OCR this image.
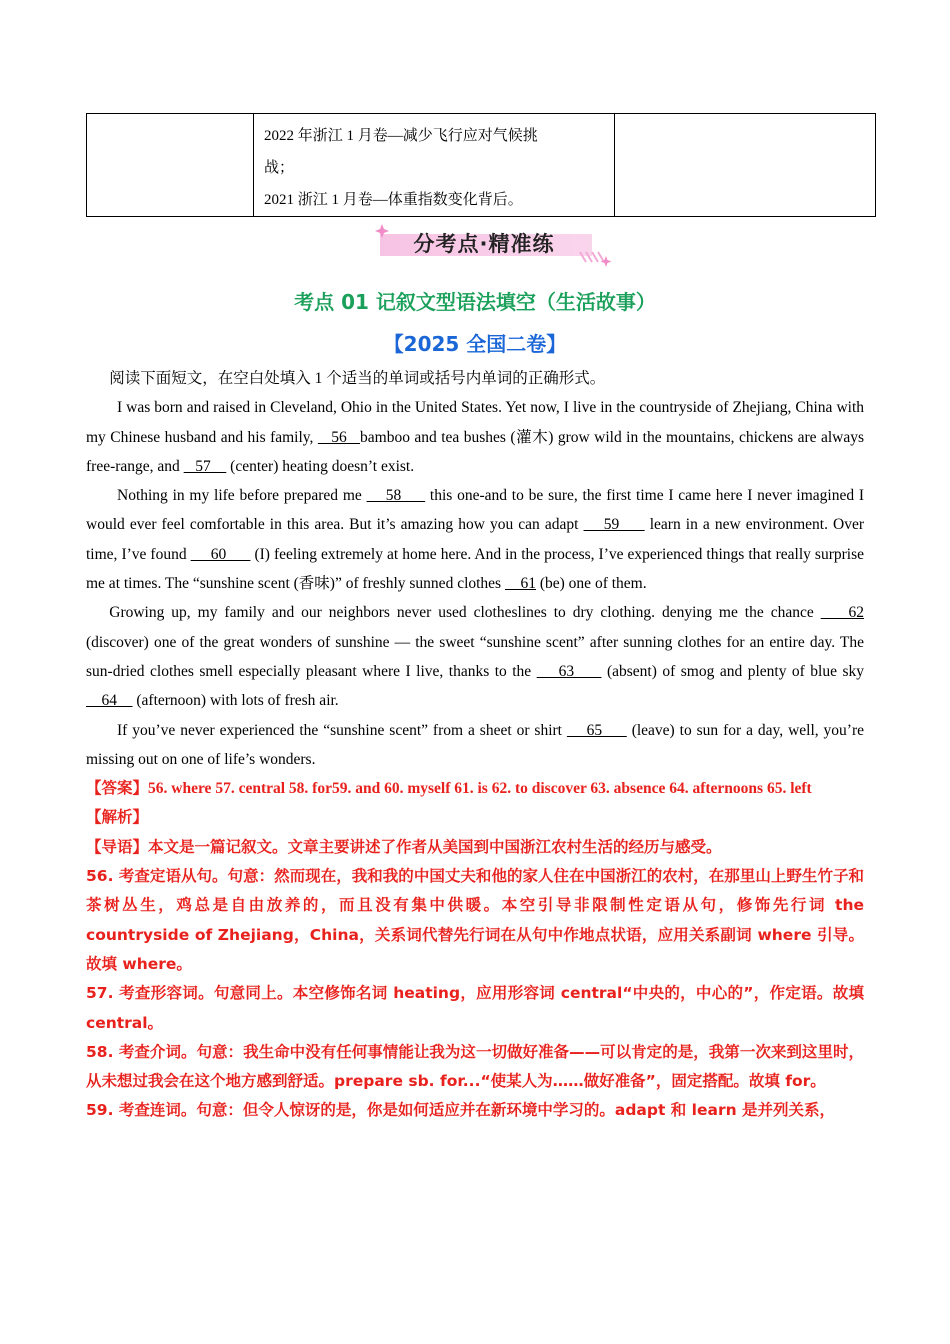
2022 年浙江 1 月卷—减少飞行应对气候挑
战；
2021 浙江 1 月卷—体重指数变化背后。

分考点·精准练
考点 01 记叙文型语法填空（生活故事）
【2025 全国二卷】

阅读下面短文，在空白处填入 1 个适当的单词或括号内单词的正确形式。

I was born and raised in Cleveland, Ohio in the United States. Yet now, I live in the countryside of Zhejiang, China with my Chinese husband and his family,    56   bamboo and tea bushes (灌木) grow wild in the mountains, chickens are always free-range, and    57     (center) heating doesn’t exist.

Nothing in my life before prepared me     58      this one-and to be sure, the first time I came here I never imagined I would ever feel comfortable in this area. But it’s amazing how you can adapt     59      learn in a new environment. Over time, I’ve found      60       (I) feeling extremely at home here. And in the process, I’ve experienced things that really surprise me at times. The “sunshine scent (香味)” of freshly sunned clothes     61 (be) one of them.

Growing up, my family and our neighbors never used clotheslines to dry clothing. denying me the chance     62 (discover) one of the great wonders of sunshine — the sweet “sunshine scent” after sunning clothes for an entire day. The sun-dried clothes smell especially pleasant where I live, thanks to the     63      (absent) of smog and plenty of blue sky     64     (afternoon) with lots of fresh air.

If you’ve never experienced the “sunshine scent” from a sheet or shirt     65      (leave) to sun for a day, well, you’re missing out on one of life’s wonders.

【答案】56. where 57. central 58. for59. and 60. myself 61. is 62. to discover 63. absence 64. afternoons 65. left

【解析】

【导语】本文是一篇记叙文。文章主要讲述了作者从美国到中国浙江农村生活的经历与感受。

56. 考查定语从句。句意：然而现在，我和我的中国丈夫和他的家人住在中国浙江的农村，在那里山上野生竹子和茶树丛生，鸡总是自由放养的，而且没有集中供暖。本空引导非限制性定语从句，修饰先行词 the countryside of Zhejiang，China，关系词代替先行词在从句中作地点状语，应用关系副词 where 引导。故填 where。

57. 考查形容词。句意同上。本空修饰名词 heating，应用形容词 central“中央的，中心的”，作定语。故填 central。

58. 考查介词。句意：我生命中没有任何事情能让我为这一切做好准备——可以肯定的是，我第一次来到这里时，从未想过我会在这个地方感到舒适。prepare sb. for...“使某人为……做好准备”，固定搭配。故填 for。

59. 考查连词。句意：但令人惊讶的是，你是如何适应并在新环境中学习的。adapt 和 learn 是并列关系，
